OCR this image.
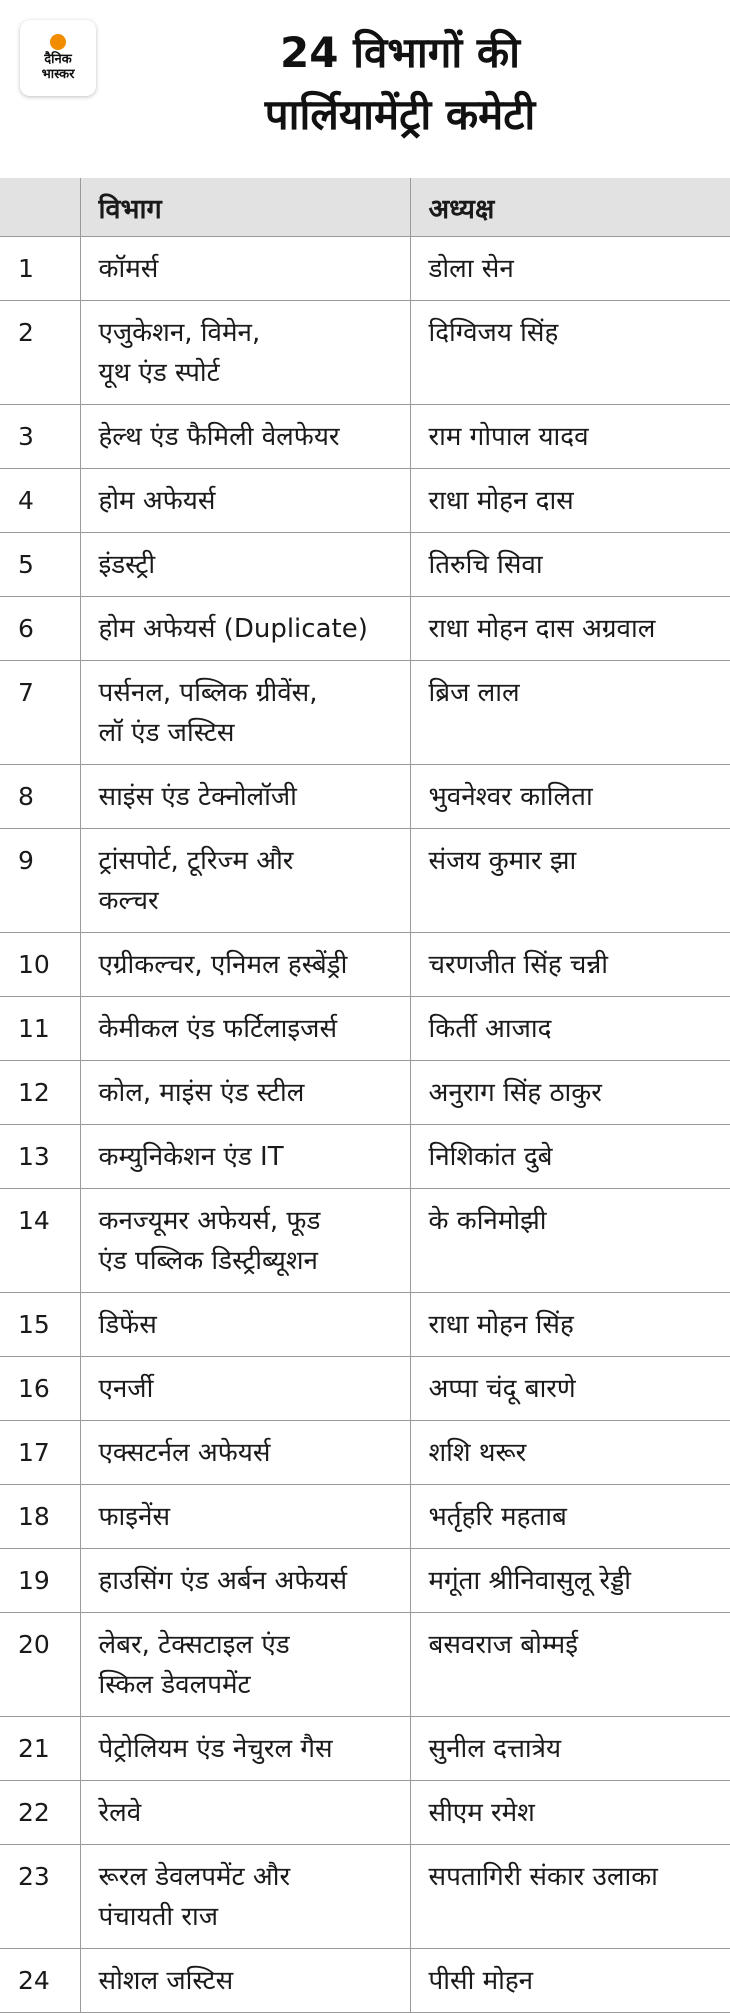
दैनिक
भास्कर	24 विभागों की
पार्लियामेंट्री कमेटी
	विभाग	अध्यक्ष
1	कॉमर्स	डोला सेन
2	एजुकेशन, विमेन,
यूथ एंड स्पोर्ट	दिग्विजय सिंह
3	हेल्थ एंड फैमिली वेलफेयर	राम गोपाल यादव
4	होम अफेयर्स	राधा मोहन दास
5	इंडस्ट्री	तिरुचि सिवा
6	होम अफेयर्स (Duplicate)	राधा मोहन दास अग्रवाल
7	पर्सनल, पब्लिक ग्रीवेंस,
लॉ एंड जस्टिस	ब्रिज लाल
8	साइंस एंड टेक्नोलॉजी	भुवनेश्वर कालिता
9	ट्रांसपोर्ट, टूरिज्म और
कल्चर	संजय कुमार झा
10	एग्रीकल्चर, एनिमल हस्बेंड्री	चरणजीत सिंह चन्नी
11	केमीकल एंड फर्टिलाइजर्स	किर्ती आजाद
12	कोल, माइंस एंड स्टील	अनुराग सिंह ठाकुर
13	कम्युनिकेशन एंड IT	निशिकांत दुबे
14	कनज्यूमर अफेयर्स, फूड
एंड पब्लिक डिस्ट्रीब्यूशन	के कनिमोझी
15	डिफेंस	राधा मोहन सिंह
16	एनर्जी	अप्पा चंदू बारणे
17	एक्सटर्नल अफेयर्स	शशि थरूर
18	फाइनेंस	भर्तृहरि महताब
19	हाउसिंग एंड अर्बन अफेयर्स	मगूंता श्रीनिवासुलू रेड्डी
20	लेबर, टेक्सटाइल एंड
स्किल डेवलपमेंट	बसवराज बोम्मई
21	पेट्रोलियम एंड नेचुरल गैस	सुनील दत्तात्रेय
22	रेलवे	सीएम रमेश
23	रूरल डेवलपमेंट और
पंचायती राज	सपतागिरी संकार उलाका
24	सोशल जस्टिस	पीसी मोहन
